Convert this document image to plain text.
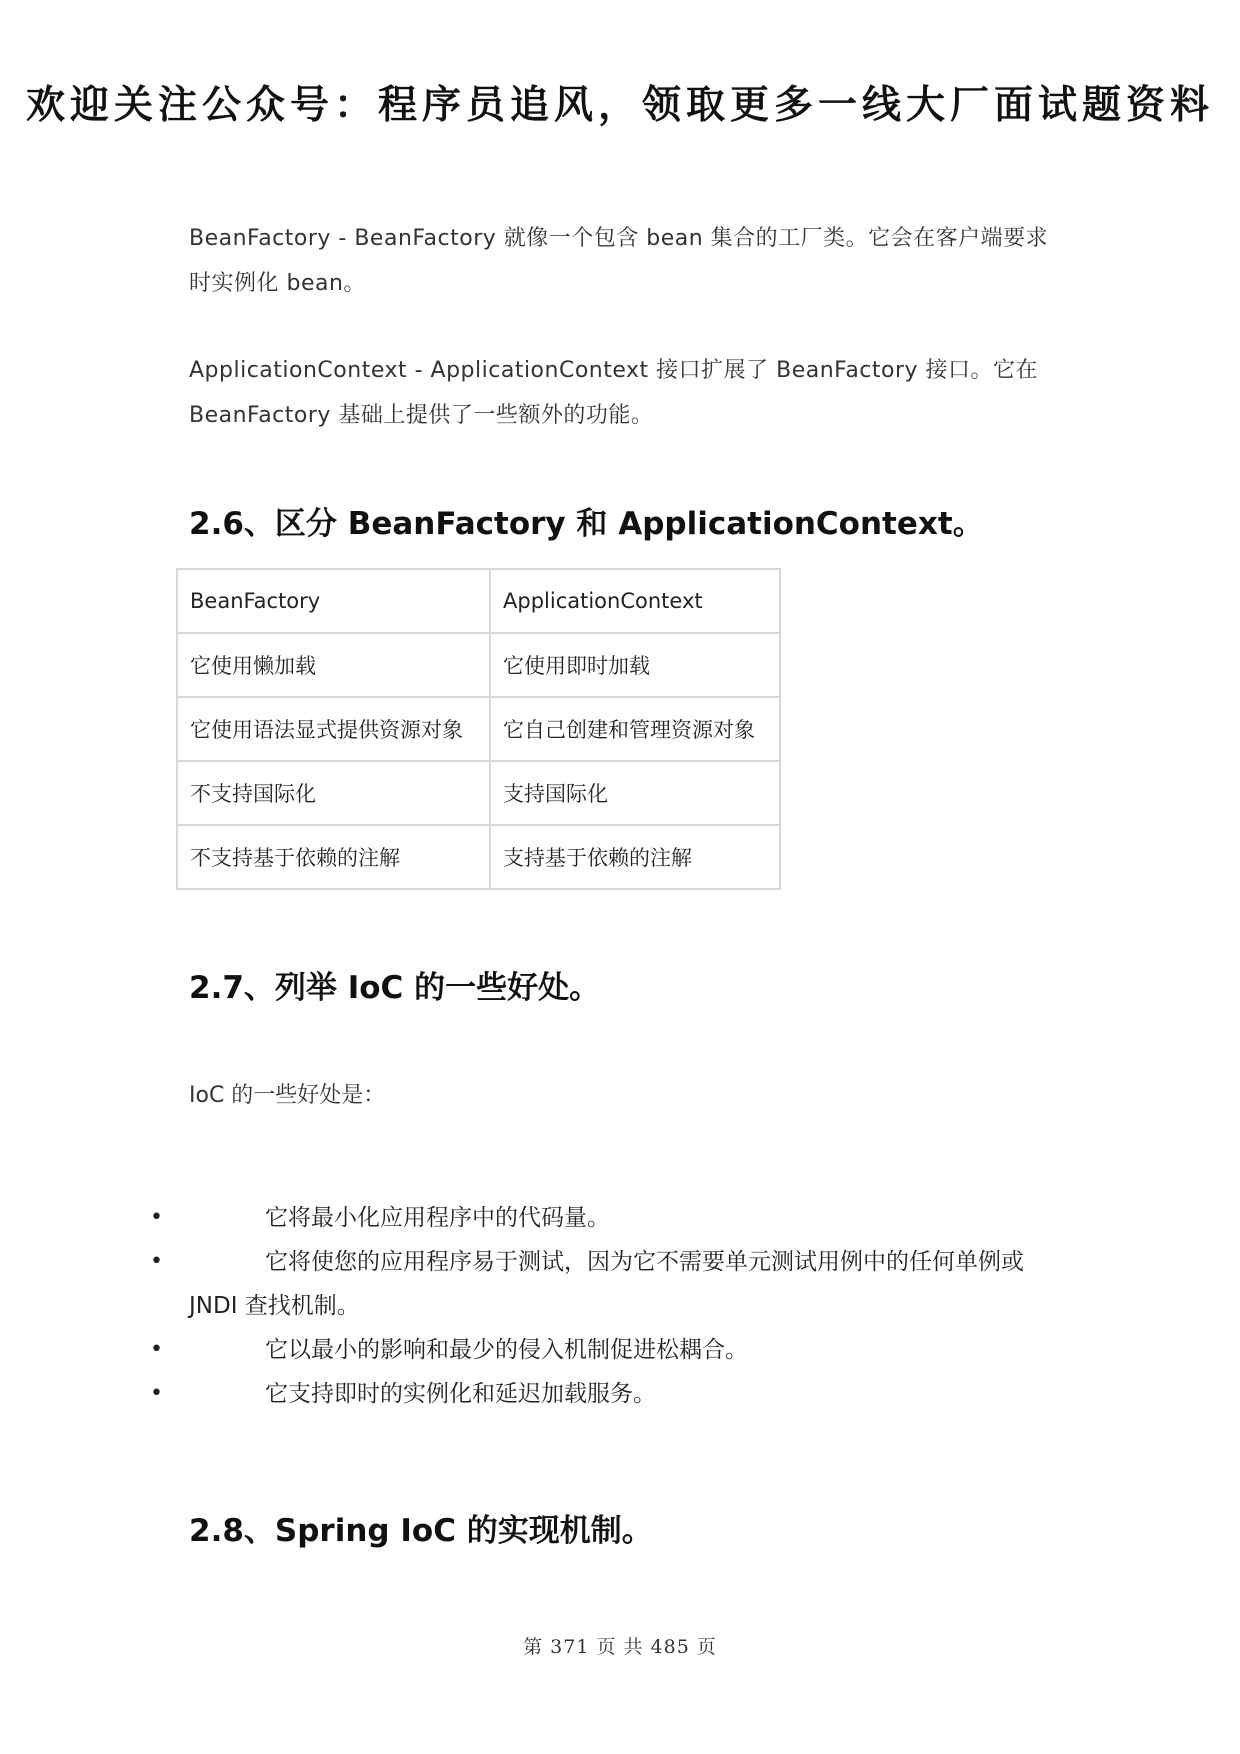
欢迎关注公众号：程序员追风，领取更多一线大厂面试题资料

BeanFactory - BeanFactory 就像一个包含 bean 集合的工厂类。它会在客户端要求时实例化 bean。

ApplicationContext - ApplicationContext 接口扩展了 BeanFactory 接口。它在 BeanFactory 基础上提供了一些额外的功能。

2.6、区分 BeanFactory 和 ApplicationContext。
BeanFactory	ApplicationContext
它使用懒加载	它使用即时加载
它使用语法显式提供资源对象	它自己创建和管理资源对象
不支持国际化	支持国际化
不支持基于依赖的注解	支持基于依赖的注解
2.7、列举 IoC 的一些好处。

IoC 的一些好处是：

•	它将最小化应用程序中的代码量。
•	它将使您的应用程序易于测试，因为它不需要单元测试用例中的任何单例或 JNDI 查找机制。
•	它以最小的影响和最少的侵入机制促进松耦合。
•	它支持即时的实例化和延迟加载服务。
2.8、Spring IoC 的实现机制。
第 371 页 共 485 页
